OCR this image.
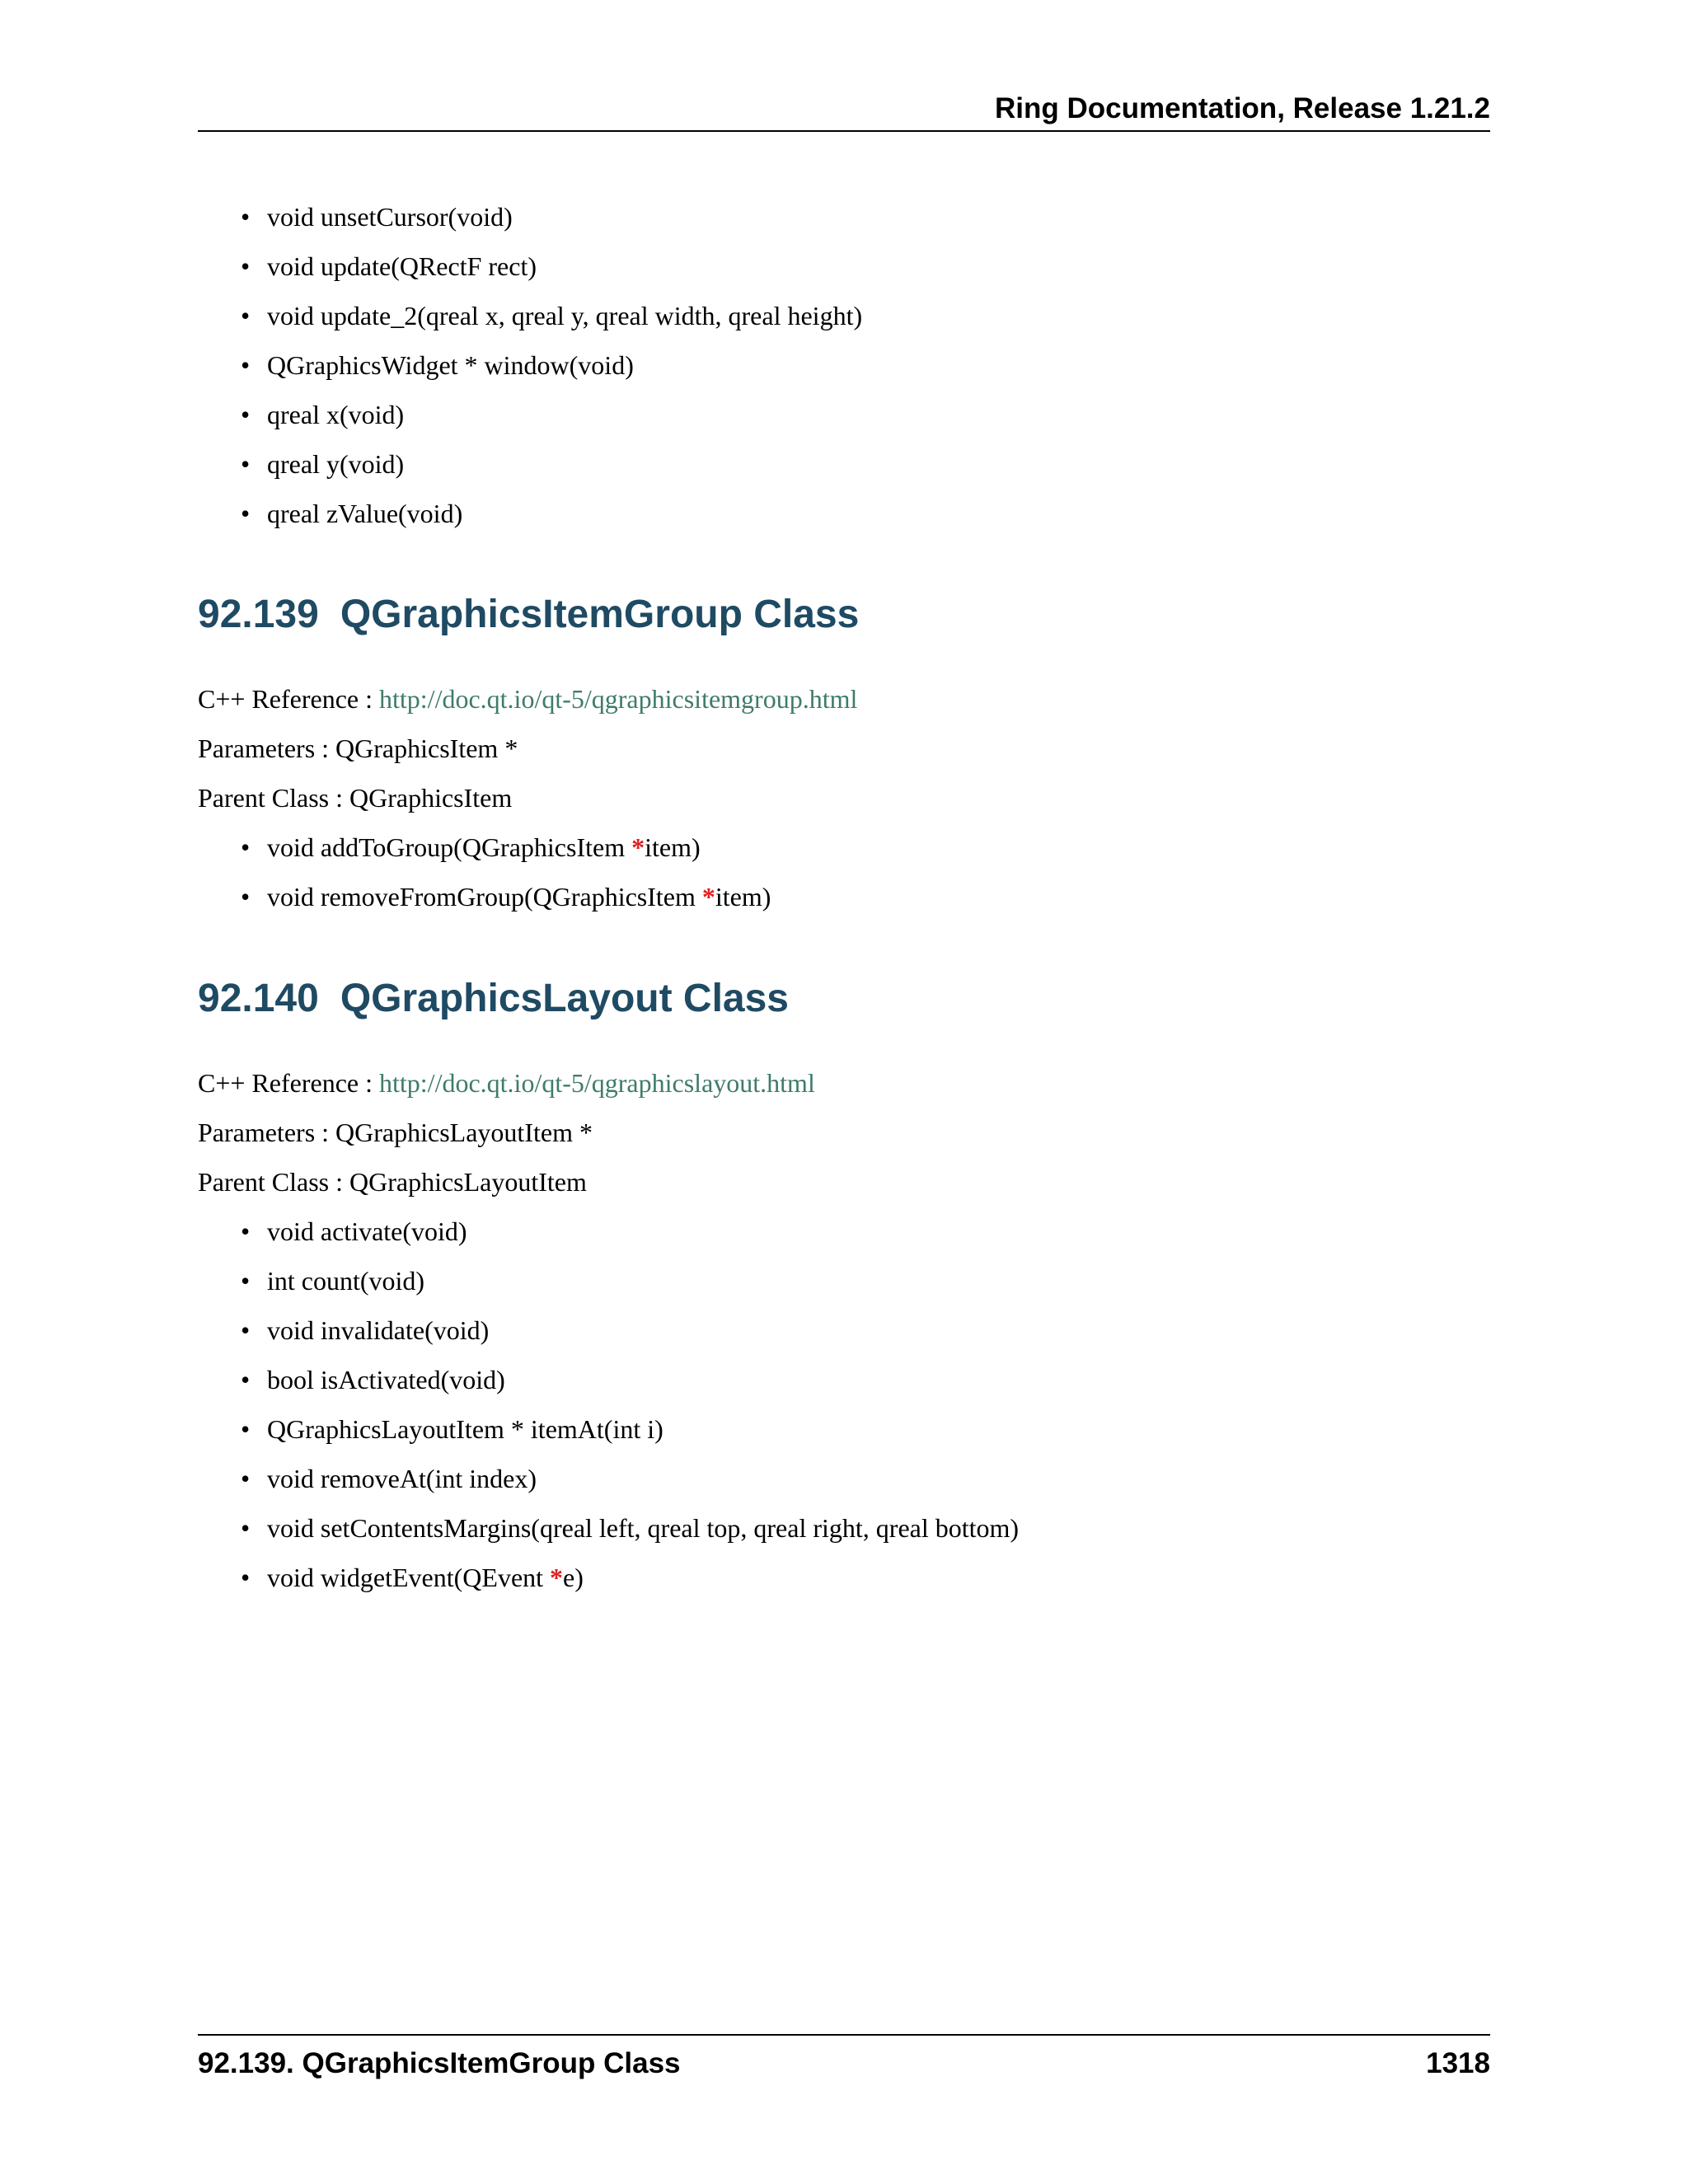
Ring Documentation, Release 1.21.2
• void unsetCursor(void)
• void update(QRectF rect)
• void update_2(qreal x, qreal y, qreal width, qreal height)
• QGraphicsWidget * window(void)
• qreal x(void)
• qreal y(void)
• qreal zValue(void)
92.139 QGraphicsItemGroup Class
C++ Reference : http://doc.qt.io/qt-5/qgraphicsitemgroup.html
Parameters : QGraphicsItem *
Parent Class : QGraphicsItem
• void addToGroup(QGraphicsItem *item)
• void removeFromGroup(QGraphicsItem *item)
92.140 QGraphicsLayout Class
C++ Reference : http://doc.qt.io/qt-5/qgraphicslayout.html
Parameters : QGraphicsLayoutItem *
Parent Class : QGraphicsLayoutItem
• void activate(void)
• int count(void)
• void invalidate(void)
• bool isActivated(void)
• QGraphicsLayoutItem * itemAt(int i)
• void removeAt(int index)
• void setContentsMargins(qreal left, qreal top, qreal right, qreal bottom)
• void widgetEvent(QEvent *e)
92.139. QGraphicsItemGroup Class	1318
